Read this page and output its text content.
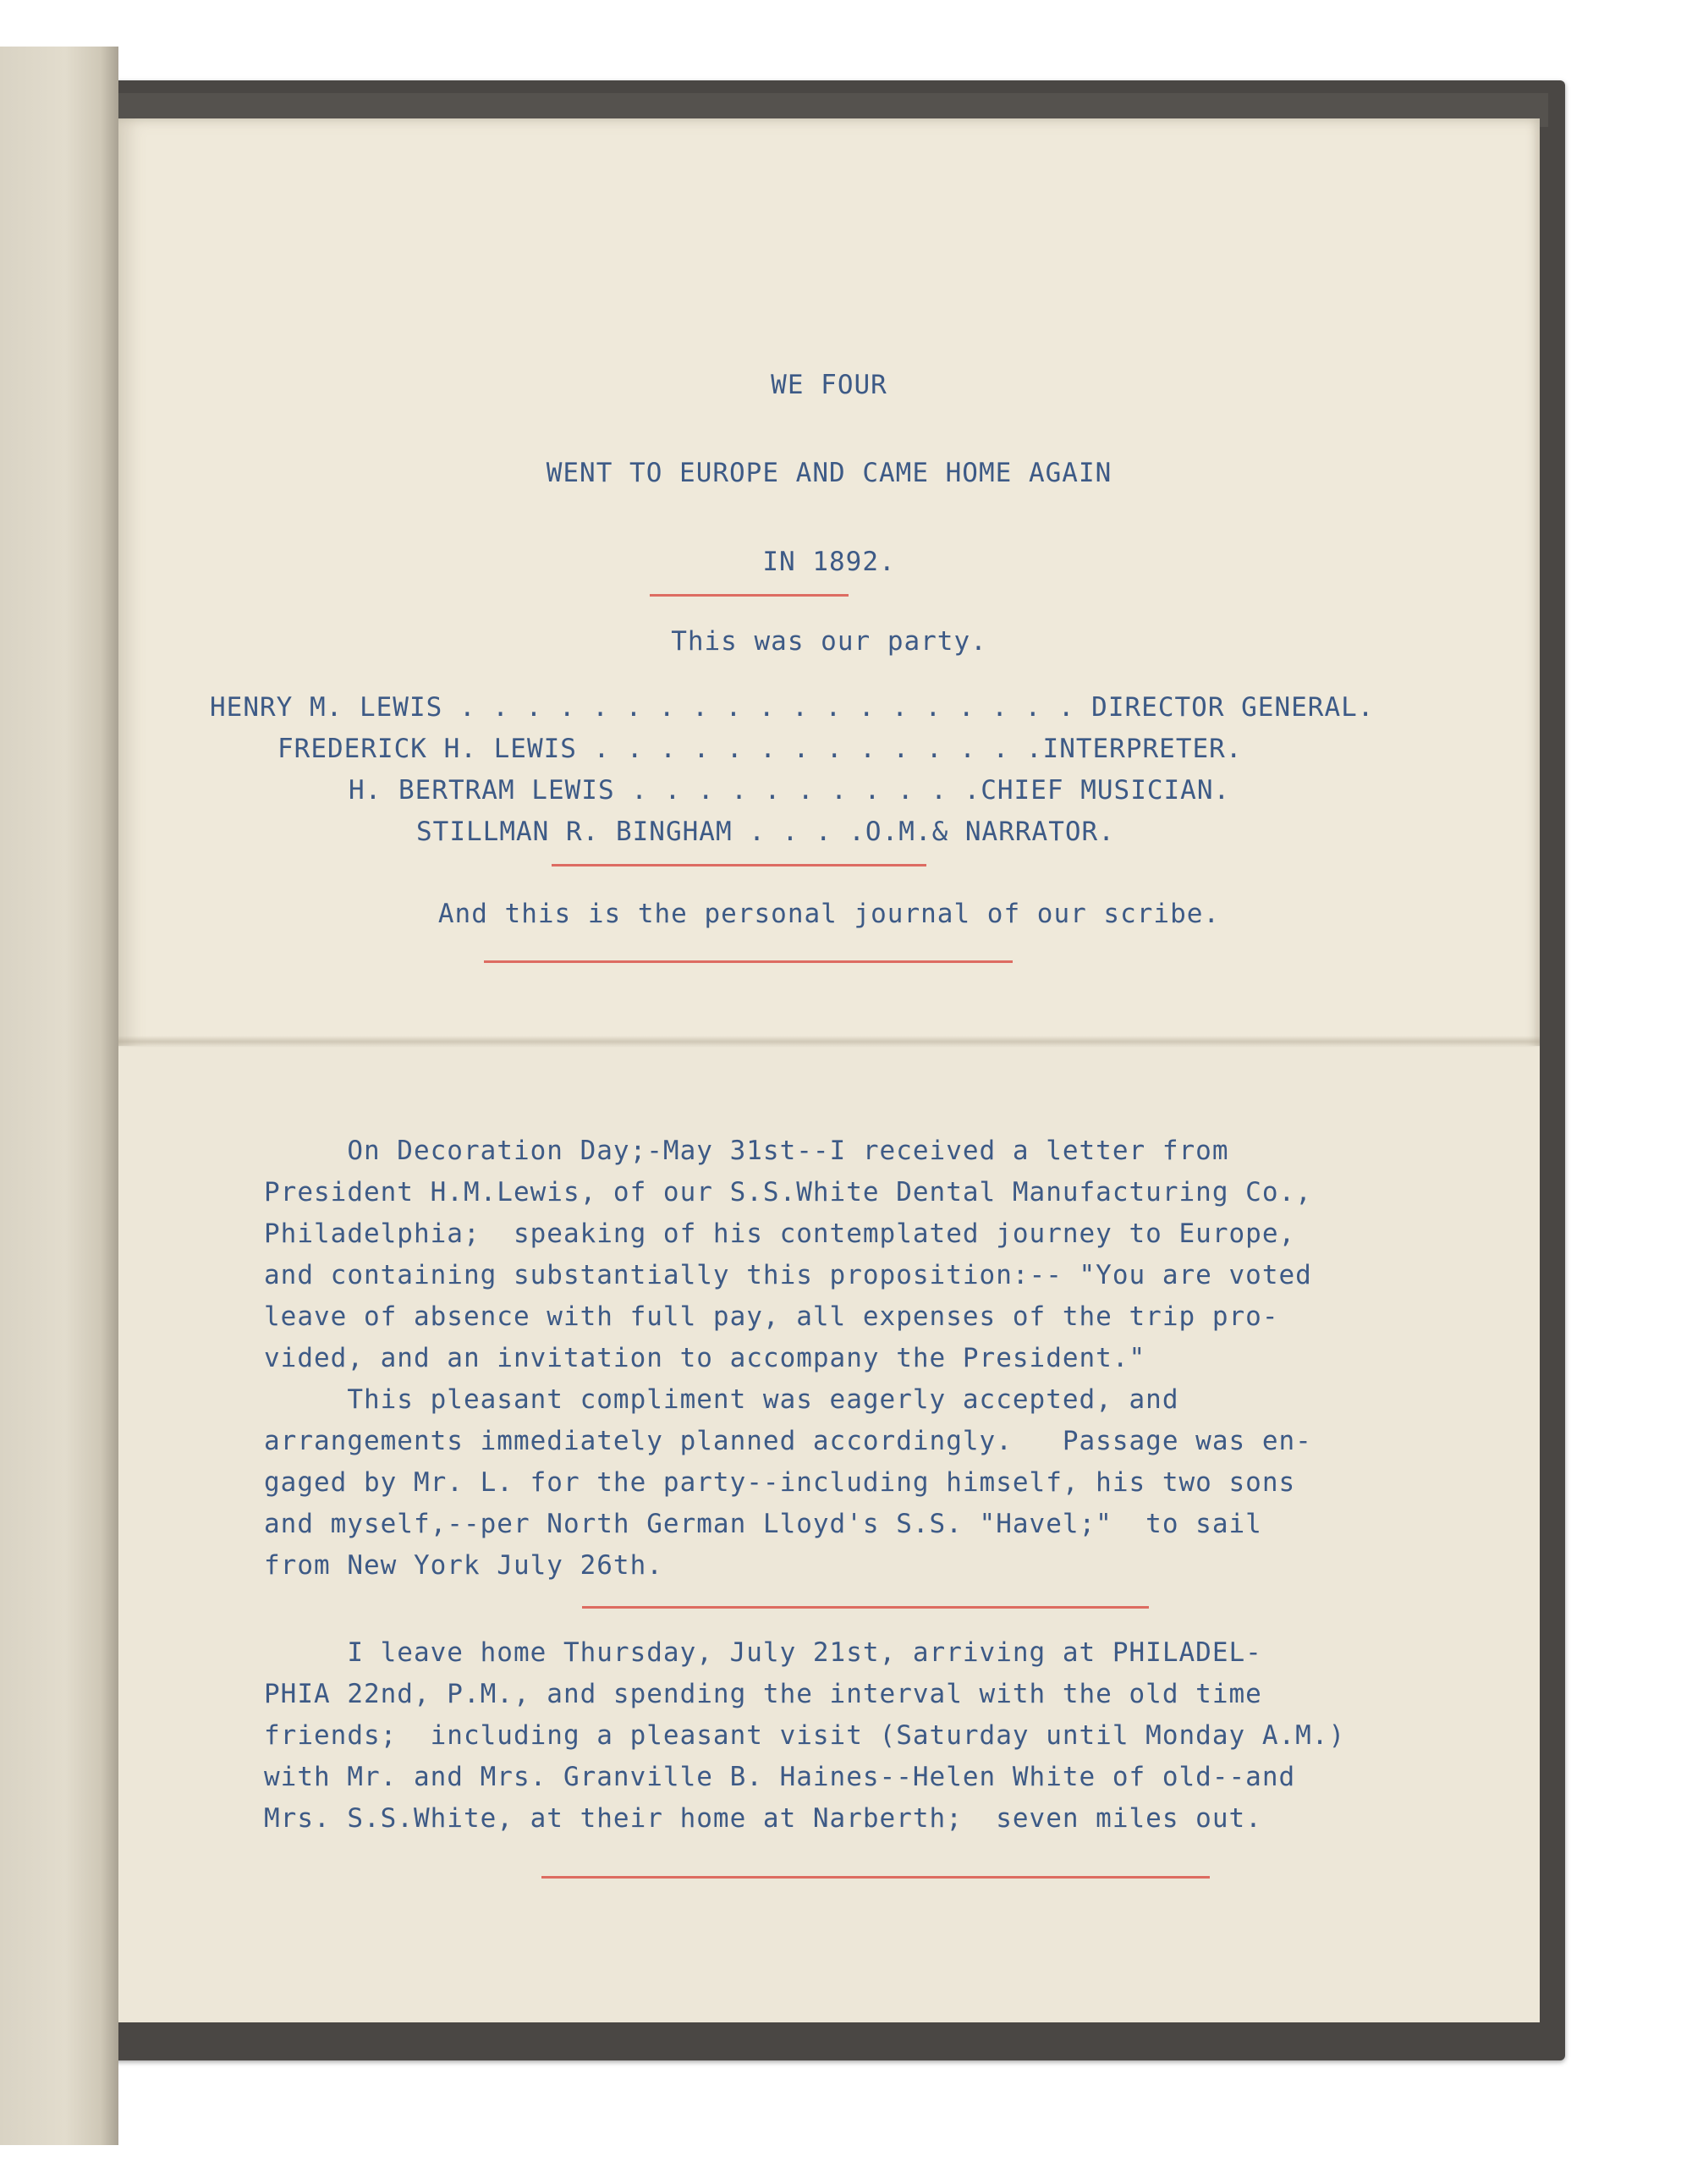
WE FOUR
WENT TO EUROPE AND CAME HOME AGAIN
IN 1892.
This was our party.
HENRY M. LEWIS . . . . . . . . . . . . . . . . . . . DIRECTOR GENERAL.
FREDERICK H. LEWIS . . . . . . . . . . . . . .INTERPRETER.
H. BERTRAM LEWIS . . . . . . . . . . .CHIEF MUSICIAN.
STILLMAN R. BINGHAM . . . .O.M.& NARRATOR.
And this is the personal journal of our scribe.
On Decoration Day;-May 31st--I received a letter from
President H.M.Lewis, of our S.S.White Dental Manufacturing Co.,
Philadelphia;  speaking of his contemplated journey to Europe,
and containing substantially this proposition:-- "You are voted
leave of absence with full pay, all expenses of the trip pro-
vided, and an invitation to accompany the President."
This pleasant compliment was eagerly accepted, and
arrangements immediately planned accordingly.   Passage was en-
gaged by Mr. L. for the party--including himself, his two sons
and myself,--per North German Lloyd's S.S. "Havel;"  to sail
from New York July 26th.
I leave home Thursday, July 21st, arriving at PHILADEL-
PHIA 22nd, P.M., and spending the interval with the old time
friends;  including a pleasant visit (Saturday until Monday A.M.)
with Mr. and Mrs. Granville B. Haines--Helen White of old--and
Mrs. S.S.White, at their home at Narberth;  seven miles out.
